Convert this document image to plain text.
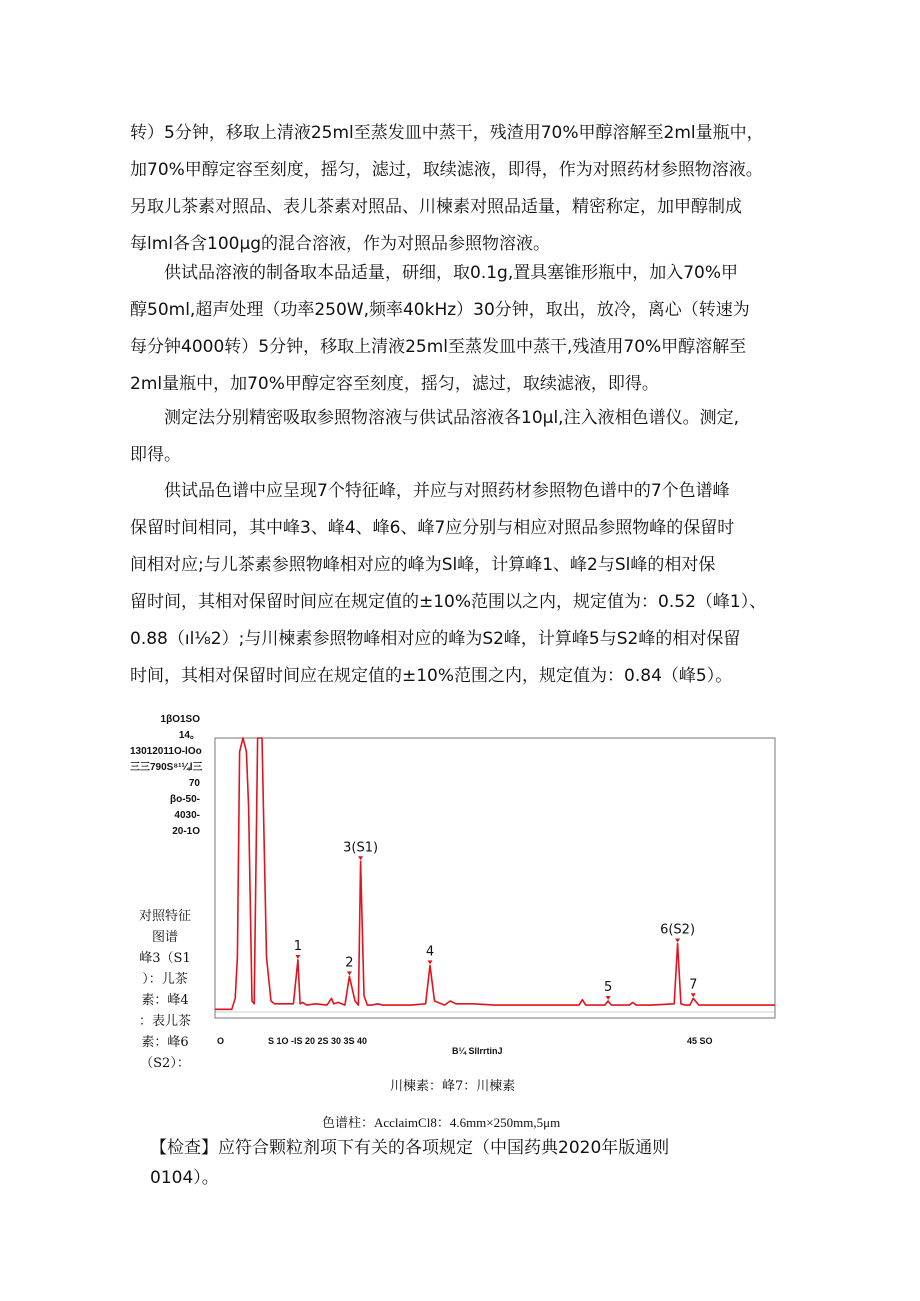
转）5分钟，移取上清液25ml至蒸发皿中蒸干，残渣用70%甲醇溶解至2ml量瓶中，
加70%甲醇定容至刻度，摇匀，滤过，取续滤液，即得，作为对照药材参照物溶液。
另取儿茶素对照品、表儿茶素对照品、川楝素对照品适量，精密称定，加甲醇制成
每lml各含100μg的混合溶液，作为对照品参照物溶液。
供试品溶液的制备取本品适量，研细，取0.1g,置具塞锥形瓶中，加入70%甲
醇50ml,超声处理（功率250W,频率40kHz）30分钟，取出，放冷，离心（转速为
每分钟4000转）5分钟，移取上清液25ml至蒸发皿中蒸干,残渣用70%甲醇溶解至
2ml量瓶中，加70%甲醇定容至刻度，摇匀，滤过，取续滤液，即得。
测定法分别精密吸取参照物溶液与供试品溶液各10μl,注入液相色谱仪。测定,
即得。
供试品色谱中应呈现7个特征峰，并应与对照药材参照物色谱中的7个色谱峰
保留时间相同，其中峰3、峰4、峰6、峰7应分别与相应对照品参照物峰的保留时
间相对应;与儿茶素参照物峰相对应的峰为Sl峰，计算峰1、峰2与Sl峰的相对保
留时间，其相对保留时间应在规定值的±10%范围以之内，规定值为：0.52（峰1）、
0.88（ıl⅛2）;与川楝素参照物峰相对应的峰为S2峰，计算峰5与S2峰的相对保留
时间，其相对保留时间应在规定值的±10%范围之内，规定值为：0.84（峰5）。
1βO1SO
14。
13012011O-lOo
三三790S⁸¹¼l三
70
βo-50-
4030-
20-1O
1
2
3(S1)
4
5
6(S2)
7
O	S 1O -lS 20 2S 30 3S 40	45 SO
B¼ SllrrtinJ
对照特征
图谱
峰3（S1
）：儿茶
素：峰4
：表儿茶
素：峰6
（S2）：
川楝素：峰7：川楝素
色谱柱：AcclaimCl8：4.6mm×250mm,5μm
【检查】应符合颗粒剂项下有关的各项规定（中国药典2020年版通则
0104）。
